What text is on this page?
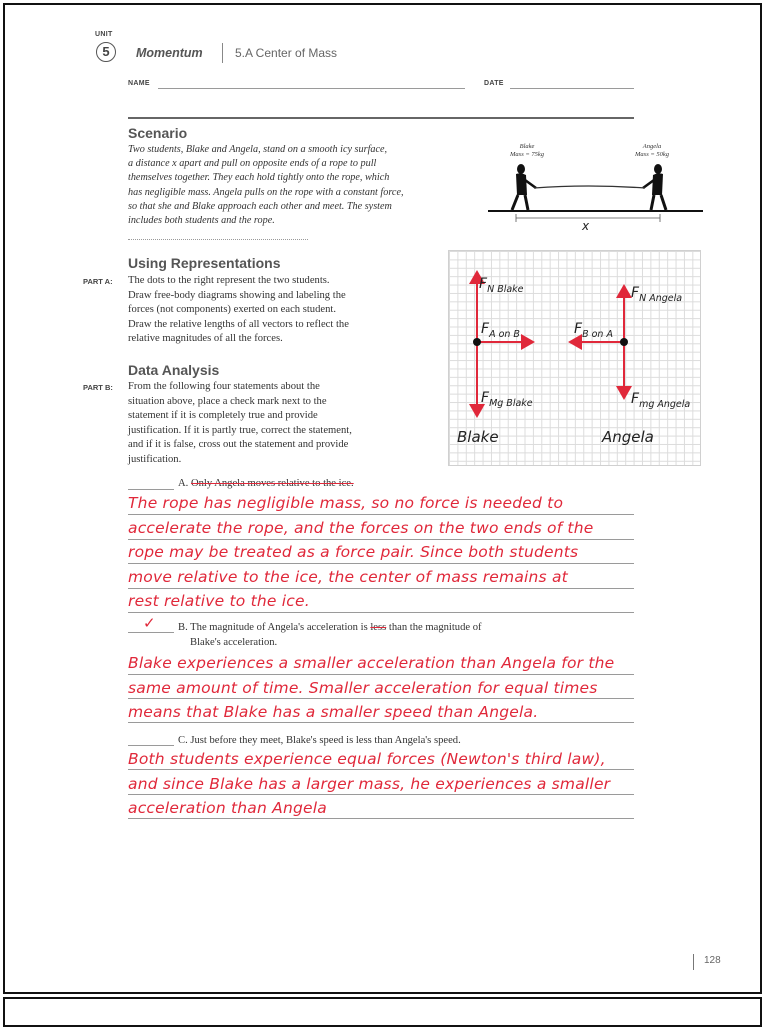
UNIT
5	Momentum	5.A Center of Mass
NAME	DATE
Scenario
Two students, Blake and Angela, stand on a smooth icy surface,
a distance x apart and pull on opposite ends of a rope to pull
themselves together. They each hold tightly onto the rope, which
has negligible mass. Angela pulls on the rope with a constant force,
so that she and Blake approach each other and meet. The system
includes both students and the rope.
Blake
Mass = 75kg
Angela
Mass = 50kg
x
Using Representations
PART A: The dots to the right represent the two students.
Draw free-body diagrams showing and labeling the
forces (not components) exerted on each student.
Draw the relative lengths of all vectors to reflect the
relative magnitudes of all the forces.
$F_{N Blake}$
$F_{A on B}$
$F_{Mg Blake}$
Blake
$F_{N Angela}$
$F_{B on A}$
$F_{mg Angela}$
Angela
Data Analysis
PART B: From the following four statements about the
situation above, place a check mark next to the
statement if it is completely true and provide
justification. If it is partly true, correct the statement,
and if it is false, cross out the statement and provide
justification.
A. Only Angela moves relative to the ice.
The rope has negligible mass, so no force is needed to
accelerate the rope, and the forces on the two ends of the
rope may be treated as a force pair. Since both students
move relative to the ice, the center of mass remains at
rest relative to the ice.
✓ B. The magnitude of Angela's acceleration is less than the magnitude of
Blake's acceleration.
Blake experiences a smaller acceleration than Angela for the
same amount of time. Smaller acceleration for equal times
means that Blake has a smaller speed than Angela.
C. Just before they meet, Blake's speed is less than Angela's speed.
Both students experience equal forces (Newton's third law),
and since Blake has a larger mass, he experiences a smaller
acceleration than Angela
128
